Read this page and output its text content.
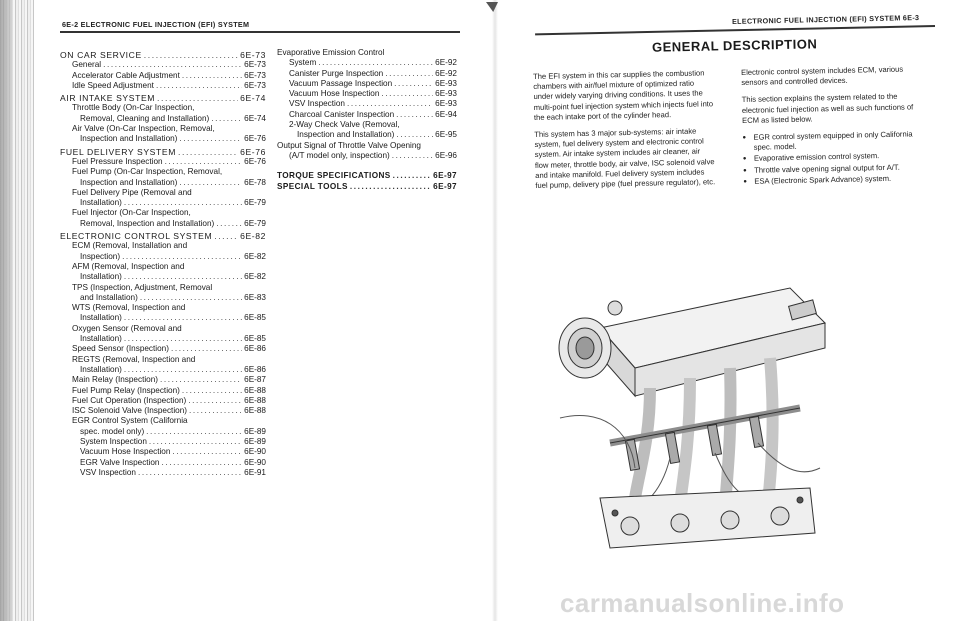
6E-2 ELECTRONIC FUEL INJECTION (EFI) SYSTEM
ON CAR SERVICE .....	6E-73
General .....	6E-73
Accelerator Cable Adjustment .....	6E-73
Idle Speed Adjustment .....	6E-73
AIR INTAKE SYSTEM .....	6E-74
Throttle Body (On-Car Inspection,
Removal, Cleaning and Installation) .....	6E-74
Air Valve (On-Car Inspection, Removal,
Inspection and Installation) .....	6E-76
FUEL DELIVERY SYSTEM .....	6E-76
Fuel Pressure Inspection .....	6E-76
Fuel Pump (On-Car Inspection, Removal,
Inspection and Installation) .....	6E-78
Fuel Delivery Pipe (Removal and
Installation) .....	6E-79
Fuel Injector (On-Car Inspection,
Removal, Inspection and Installation) .....	6E-79
ELECTRONIC CONTROL SYSTEM .....	6E-82
ECM (Removal, Installation and
Inspection) .....	6E-82
AFM (Removal, Inspection and
Installation) .....	6E-82
TPS (Inspection, Adjustment, Removal
and Installation) .....	6E-83
WTS (Removal, Inspection and
Installation) .....	6E-85
Oxygen Sensor (Removal and
Installation) .....	6E-85
Speed Sensor (Inspection) .....	6E-86
REGTS (Removal, Inspection and
Installation) .....	6E-86
Main Relay (Inspection) .....	6E-87
Fuel Pump Relay (Inspection) .....	6E-88
Fuel Cut Operation (Inspection) .....	6E-88
ISC Solenoid Valve (Inspection) .....	6E-88
EGR Control System (California
spec. model only) .....	6E-89
System Inspection .....	6E-89
Vacuum Hose Inspection .....	6E-90
EGR Valve Inspection .....	6E-90
VSV Inspection .....	6E-91
Evaporative Emission Control
System .....	6E-92
Canister Purge Inspection .....	6E-92
Vacuum Passage Inspection .....	6E-93
Vacuum Hose Inspection .....	6E-93
VSV Inspection .....	6E-93
Charcoal Canister Inspection .....	6E-94
2-Way Check Valve (Removal,
Inspection and Installation) .....	6E-95
Output Signal of Throttle Valve Opening
(A/T model only, inspection) .....	6E-96
TORQUE SPECIFICATIONS .....	6E-97
SPECIAL TOOLS .....	6E-97
ELECTRONIC FUEL INJECTION (EFI) SYSTEM 6E-3
GENERAL DESCRIPTION

The EFI system in this car supplies the combustion chambers with air/fuel mixture of optimized ratio under widely varying driving conditions. It uses the multi-point fuel injection system which injects fuel into the each intake port of the cylinder head.

This system has 3 major sub-systems: air intake system, fuel delivery system and electronic control system. Air intake system includes air cleaner, air flow meter, throttle body, air valve, ISC solenoid valve and intake manifold. Fuel delivery system includes fuel pump, delivery pipe (fuel pressure regulator), etc.

Electronic control system includes ECM, various sensors and controlled devices.

This section explains the system related to the electronic fuel injection as well as such functions of ECM as listed below.

● EGR control system equipped in only California spec. model.
● Evaporative emission control system.
● Throttle valve opening signal output for A/T.
● ESA (Electronic Spark Advance) system.
carmanualsonline.info
